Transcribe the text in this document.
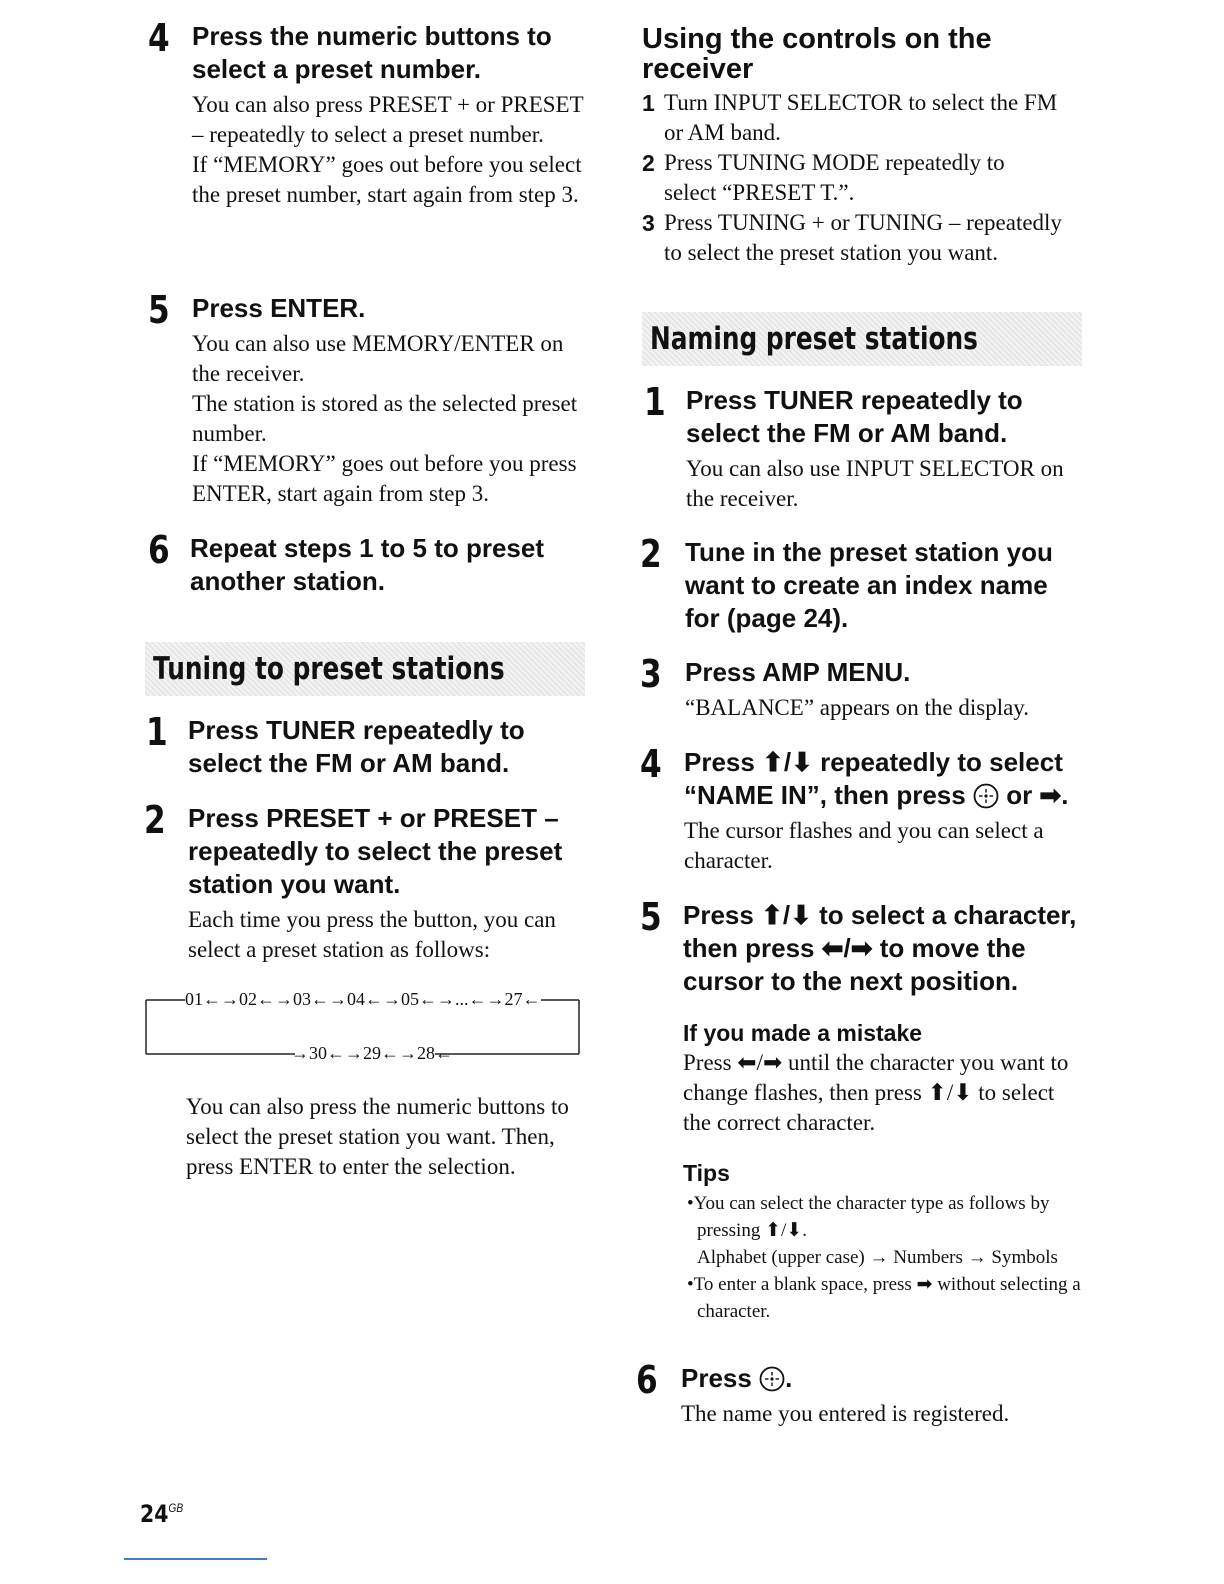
4 Press the numeric buttons to select a preset number.

You can also press PRESET + or PRESET – repeatedly to select a preset number.

If “MEMORY” goes out before you select the preset number, start again from step 3.

5 Press ENTER.

You can also use MEMORY/ENTER on the receiver.

The station is stored as the selected preset number.

If “MEMORY” goes out before you press ENTER, start again from step 3.

6 Repeat steps 1 to 5 to preset another station.

Tuning to preset stations
1 Press TUNER repeatedly to select the FM or AM band.

2 Press PRESET + or PRESET – repeatedly to select the preset station you want.

Each time you press the button, you can select a preset station as follows:

01←→02←→03←→04←→05←→...←→27←
→30←→29←→28←
You can also press the numeric buttons to select the preset station you want. Then, press ENTER to enter the selection.

Using the controls on the receiver

1 Turn INPUT SELECTOR to select the FM or AM band.
2 Press TUNING MODE repeatedly to select “PRESET T.”.
3 Press TUNING + or TUNING – repeatedly to select the preset station you want.
Naming preset stations
1 Press TUNER repeatedly to select the FM or AM band.

You can also use INPUT SELECTOR on the receiver.

2 Tune in the preset station you want to create an index name for (page 24).

3 Press AMP MENU.

“BALANCE” appears on the display.

4 Press ⬆/⬇ repeatedly to select “NAME IN”, then press or ➡.

The cursor flashes and you can select a character.

5 Press ⬆/⬇ to select a character, then press ⬅/➡ to move the cursor to the next position.

If you made a mistake

Press ⬅/➡ until the character you want to change flashes, then press ⬆/⬇ to select the correct character.

Tips

•You can select the character type as follows by pressing ⬆/⬇.

Alphabet (upper case) → Numbers → Symbols

•To enter a blank space, press ➡ without selecting a character.

6 Press .

The name you entered is registered.

$24^{GB}$
